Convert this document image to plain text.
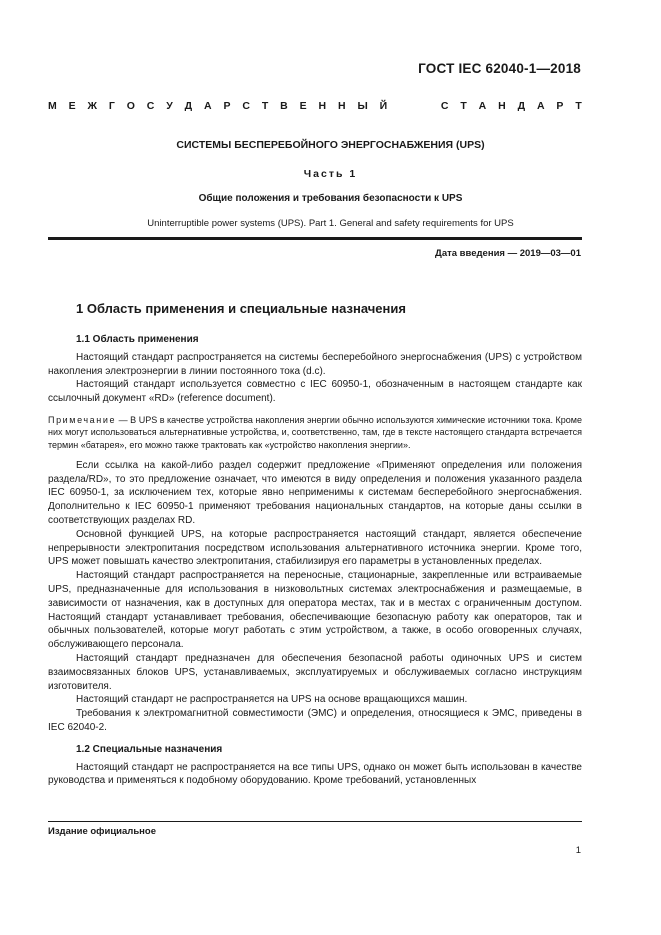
ГОСТ IEC 62040-1—2018
М Е Ж Г О С У Д А Р С Т В Е Н Н Ы Й	С Т А Н Д А Р Т
СИСТЕМЫ БЕСПЕРЕБОЙНОГО ЭНЕРГОСНАБЖЕНИЯ (UPS)
Часть 1
Общие положения и требования безопасности к UPS
Uninterruptible power systems (UPS). Part 1. General and safety requirements for UPS
Дата введения — 2019—03—01
1 Область применения и специальные назначения
1.1 Область применения

Настоящий стандарт распространяется на системы бесперебойного энергоснабжения (UPS) с устройством накопления электроэнергии в линии постоянного тока (d.c).

Настоящий стандарт используется совместно с IEC 60950-1, обозначенным в настоящем стандарте как ссылочный документ «RD» (reference document).

Примечание — В UPS в качестве устройства накопления энергии обычно используются химические источники тока. Кроме них могут использоваться альтернативные устройства, и, соответственно, там, где в тексте настоящего стандарта встречается термин «батарея», его можно также трактовать как «устройство накопления энергии».

Если ссылка на какой-либо раздел содержит предложение «Применяют определения или положения раздела/RD», то это предложение означает, что имеются в виду определения и положения указанного раздела IEC 60950-1, за исключением тех, которые явно неприменимы к системам бесперебойного энергоснабжения. Дополнительно к IEC 60950-1 применяют требования национальных стандартов, на которые даны ссылки в соответствующих разделах RD.

Основной функцией UPS, на которые распространяется настоящий стандарт, является обеспечение непрерывности электропитания посредством использования альтернативного источника энергии. Кроме того, UPS может повышать качество электропитания, стабилизируя его параметры в установленных пределах.

Настоящий стандарт распространяется на переносные, стационарные, закрепленные или встраиваемые UPS, предназначенные для использования в низковольтных системах электроснабжения и размещаемые, в зависимости от назначения, как в доступных для оператора местах, так и в местах с ограниченным доступом. Настоящий стандарт устанавливает требования, обеспечивающие безопасную работу как операторов, так и обычных пользователей, которые могут работать с этим устройством, а также, в особо оговоренных случаях, обслуживающего персонала.

Настоящий стандарт предназначен для обеспечения безопасной работы одиночных UPS и систем взаимосвязанных блоков UPS, устанавливаемых, эксплуатируемых и обслуживаемых согласно инструкциям изготовителя.

Настоящий стандарт не распространяется на UPS на основе вращающихся машин.

Требования к электромагнитной совместимости (ЭМС) и определения, относящиеся к ЭМС, приведены в IEC 62040-2.

1.2 Специальные назначения

Настоящий стандарт не распространяется на все типы UPS, однако он может быть использован в качестве руководства и применяться к подобному оборудованию. Кроме требований, установленных

Издание официальное
1
